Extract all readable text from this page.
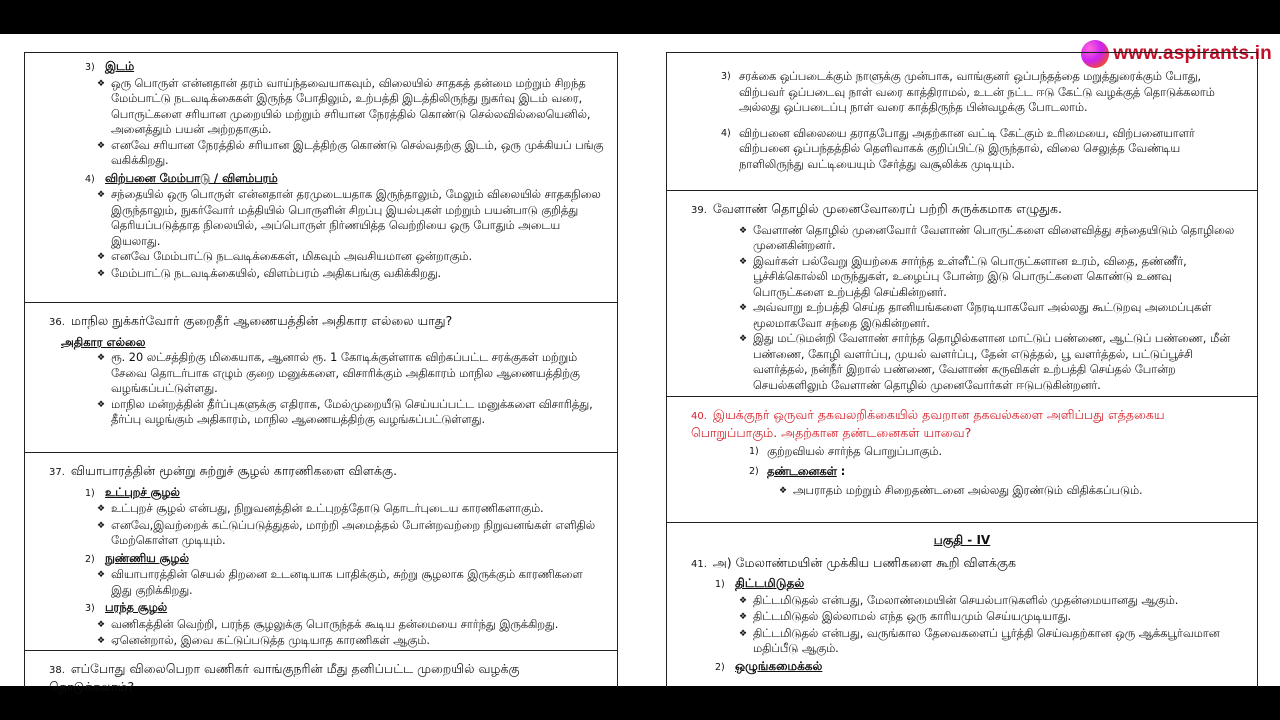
www.aspirants.in
3) இடம்
❖ ஒரு பொருள் என்னதான் தரம் வாய்ந்தவையாகவும், விலையில் சாதகத் தன்மை மற்றும் சிறந்த மேம்பாட்டு நடவடிக்கைகள் இருந்த போதிலும், உற்பத்தி இடத்திலிருந்து நுகர்வு இடம் வரை, பொருட்களை சரியான முறையில் மற்றும் சரியான நேரத்தில் கொண்டு செல்லவில்லையெனில், அனைத்தும் பயன் அற்றதாகும்.
❖ எனவே சரியான நேரத்தில் சரியான இடத்திற்கு கொண்டு செல்வதற்கு இடம், ஒரு முக்கியப் பங்கு வகிக்கிறது.
4) விற்பனை மேம்பாடு / விளம்பரம்
❖ சந்தையில் ஒரு பொருள் என்னதான் தரமுடையதாக இருந்தாலும், மேலும் விலையில் சாதகநிலை இருந்தாலும், நுகர்வோர் மத்தியில் பொருளின் சிறப்பு இயல்புகள் மற்றும் பயன்பாடு குறித்து தெரியப்படுத்தாத நிலையில், அப்பொருள் நிர்ணயித்த வெற்றியை ஒரு போதும் அடைய இயலாது.
❖ எனவே மேம்பாட்டு நடவடிக்கைகள், மிகவும் அவசியமான ஒன்றாகும்.
❖ மேம்பாட்டு நடவடிக்கையில், விளம்பரம் அதிகபங்கு வகிக்கிறது.
36. மாநில நுக்கர்வோர் குறைதீர் ஆணையத்தின் அதிகார எல்லை யாது?
அதிகார எல்லை
❖ ரூ. 20 லட்சத்திற்கு மிகையாக, ஆனால் ரூ. 1 கோடிக்குள்ளாக விற்கப்பட்ட சரக்குகள் மற்றும் சேவை தொடர்பாக எழும் குறை மனுக்களை, விசாரிக்கும் அதிகாரம் மாநில ஆணையத்திற்கு வழங்கப்பட்டுள்ளது.
❖ மாநில மன்றத்தின் தீர்ப்புகளுக்கு எதிராக, மேல்முறையீடு செய்யப்பட்ட மனுக்களை விசாரித்து, தீர்ப்பு வழங்கும் அதிகாரம், மாநில ஆணையத்திற்கு வழங்கப்பட்டுள்ளது.
37. வியாபாரத்தின் மூன்று சுற்றுச் சூழல் காரணிகளை விளக்கு.
1) உட்புறச் சூழல்
❖ உட்புறச் சூழல் என்பது, நிறுவனத்தின் உட்புறத்தோடு தொடர்புடைய காரணிகளாகும்.
❖ எனவே,இவற்றைக் கட்டுப்படுத்துதல், மாற்றி அமைத்தல் போன்றவற்றை நிறுவனங்கள் எளிதில் மேற்கொள்ள முடியும்.
2) நுண்ணிய சூழல்
❖ வியாபாரத்தின் செயல் திறனை உடனடியாக பாதிக்கும், சுற்று சூழலாக இருக்கும் காரணிகளை இது குறிக்கிறது.
3) பரந்த சூழல்
❖ வணிகத்தின் வெற்றி, பரந்த சூழலுக்கு பொருந்தக் கூடிய தன்மையை சார்ந்து இருக்கிறது.
❖ ஏனென்றால், இவை கட்டுப்படுத்த முடியாத காரணிகள் ஆகும்.
38. எப்போது விலைபெறா வணிகர் வாங்குநரின் மீது தனிப்பட்ட முறையில் வழக்கு தொடுக்கலாம்?
3) சரக்கை ஒப்படைக்கும் நாளுக்கு முன்பாக, வாங்குனர் ஒப்பந்தத்தை மறுத்துரைக்கும் போது, விற்பவர் ஒப்படைவு நாள் வரை காத்திராமல், உடன் நட்ட ஈடு கேட்டு வழக்குத் தொடுக்கலாம் அல்லது ஒப்படைப்பு நாள் வரை காத்திருந்த பின்வழக்கு போடலாம்.
4) விற்பனை விலையை தராதபோது அதற்கான வட்டி கேட்கும் உரிமையை, விற்பனையாளர் விற்பனை ஒப்பந்தத்தில் தெளிவாகக் குறிப்பிட்டு இருந்தால், விலை செலுத்த வேண்டிய நாளிலிருந்து வட்டியையும் சேர்த்து வசூலிக்க முடியும்.
39. வேளாண் தொழில் முனைவோரைப் பற்றி சுருக்கமாக எழுதுக.
❖ வேளாண் தொழில் முனைவோர் வேளாண் பொருட்களை விளைவித்து சந்தையிடும் தொழிலை முனைகின்றனர்.
❖ இவர்கள் பல்வேறு இயற்கை சார்ந்த உள்ளீட்டு பொருட்களான உரம், விதை, தண்ணீர், பூச்சிக்கொல்லி மருந்துகள், உழைப்பு போன்ற இடு பொருட்களை கொண்டு உணவு பொருட்களை உற்பத்தி செய்கின்றனர்.
❖ அவ்வாறு உற்பத்தி செய்த தானியங்களை நேரடியாகவோ அல்லது கூட்டுறவு அமைப்புகள் மூலமாகவோ சந்தை இடுகின்றனர்.
❖ இது மட்டுமன்றி வேளாண் சார்ந்த தொழில்களான மாட்டுப் பண்ணை, ஆட்டுப் பண்ணை, மீன் பண்ணை, கோழி வளர்ப்பு, முயல் வளர்ப்பு, தேன் எடுத்தல், பூ வளர்த்தல், பட்டுப்பூச்சி வளர்த்தல், நன்நீர் இறால் பண்ணை, வேளாண் கருவிகள் உற்பத்தி செய்தல் போன்ற செயல்களிலும் வேளாண் தொழில் முனைவோர்கள் ஈடுபடுகின்றனர்.
40. இயக்குநர் ஒருவர் தகவலறிக்கையில் தவறான தகவல்களை அளிப்பது எத்தகைய பொறுப்பாகும். அதற்கான தண்டனைகள் யாவை?
1) குற்றவியல் சார்ந்த பொறுப்பாகும்.
2) தண்டனைகள் :
❖ அபராதம் மற்றும் சிறைதண்டனை அல்லது இரண்டும் விதிக்கப்படும்.
பகுதி - IV
41. அ) மேலாண்மயின் முக்கிய பணிகளை கூறி விளக்குக
1) திட்டமிடுதல்
❖ திட்டமிடுதல் என்பது, மேலாண்மையின் செயல்பாடுகளில் முதன்மையானது ஆகும்.
❖ திட்டமிடுதல் இல்லாமல் எந்த ஒரு காரியமும் செய்யமுடியாது.
❖ திட்டமிடுதல் என்பது, வருங்கால தேவைகளைப் பூர்த்தி செய்வதற்கான ஒரு ஆக்கபூர்வமான மதிப்பீடு ஆகும்.
2) ஒழுங்கமைக்கல்
